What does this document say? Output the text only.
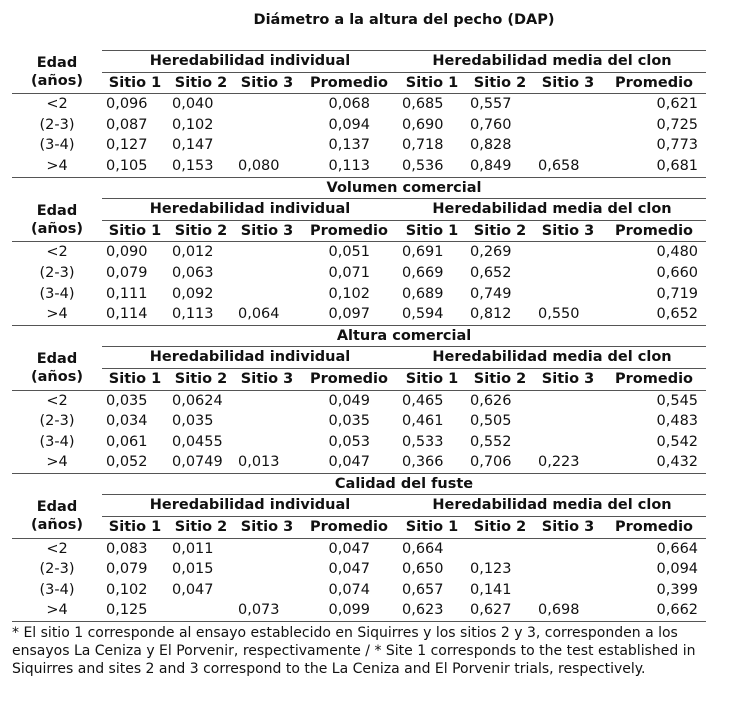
Diámetro a la altura del pecho (DAP)								

Edad
(años)	Heredabilidad individual				Heredabilidad media del clon			
	Sitio 1	Sitio 2	Sitio 3	Promedio	Sitio 1	Sitio 2	Sitio 3	Promedio
<2	0,096	0,040		0,068	0,685	0,557		0,621
(2-3)	0,087	0,102		0,094	0,690	0,760		0,725
(3-4)	0,127	0,147		0,137	0,718	0,828		0,773
>4	0,105	0,153	0,080	0,113	0,536	0,849	0,658	0,681
Volumen comercial								

Edad
(años)	Heredabilidad individual				Heredabilidad media del clon			
	Sitio 1	Sitio 2	Sitio 3	Promedio	Sitio 1	Sitio 2	Sitio 3	Promedio
<2	0,090	0,012		0,051	0,691	0,269		0,480
(2-3)	0,079	0,063		0,071	0,669	0,652		0,660
(3-4)	0,111	0,092		0,102	0,689	0,749		0,719
>4	0,114	0,113	0,064	0,097	0,594	0,812	0,550	0,652
Altura comercial								

Edad
(años)	Heredabilidad individual				Heredabilidad media del clon			
	Sitio 1	Sitio 2	Sitio 3	Promedio	Sitio 1	Sitio 2	Sitio 3	Promedio
<2	0,035	0,0624		0,049	0,465	0,626		0,545
(2-3)	0,034	0,035		0,035	0,461	0,505		0,483
(3-4)	0,061	0,0455		0,053	0,533	0,552		0,542
>4	0,052	0,0749	0,013	0,047	0,366	0,706	0,223	0,432
Calidad del fuste								

Edad
(años)	Heredabilidad individual				Heredabilidad media del clon			
	Sitio 1	Sitio 2	Sitio 3	Promedio	Sitio 1	Sitio 2	Sitio 3	Promedio
<2	0,083	0,011		0,047	0,664			0,664
(2-3)	0,079	0,015		0,047	0,650	0,123		0,094
(3-4)	0,102	0,047		0,074	0,657	0,141		0,399
>4	0,125		0,073	0,099	0,623	0,627	0,698	0,662
* El sitio 1 corresponde al ensayo establecido en Siquirres y los sitios 2 y 3, corresponden a los ensayos La Ceniza y El Porvenir, respectivamente / * Site 1 corresponds to the test established in Siquirres and sites 2 and 3 correspond to the La Ceniza and El Porvenir trials, respectively.
